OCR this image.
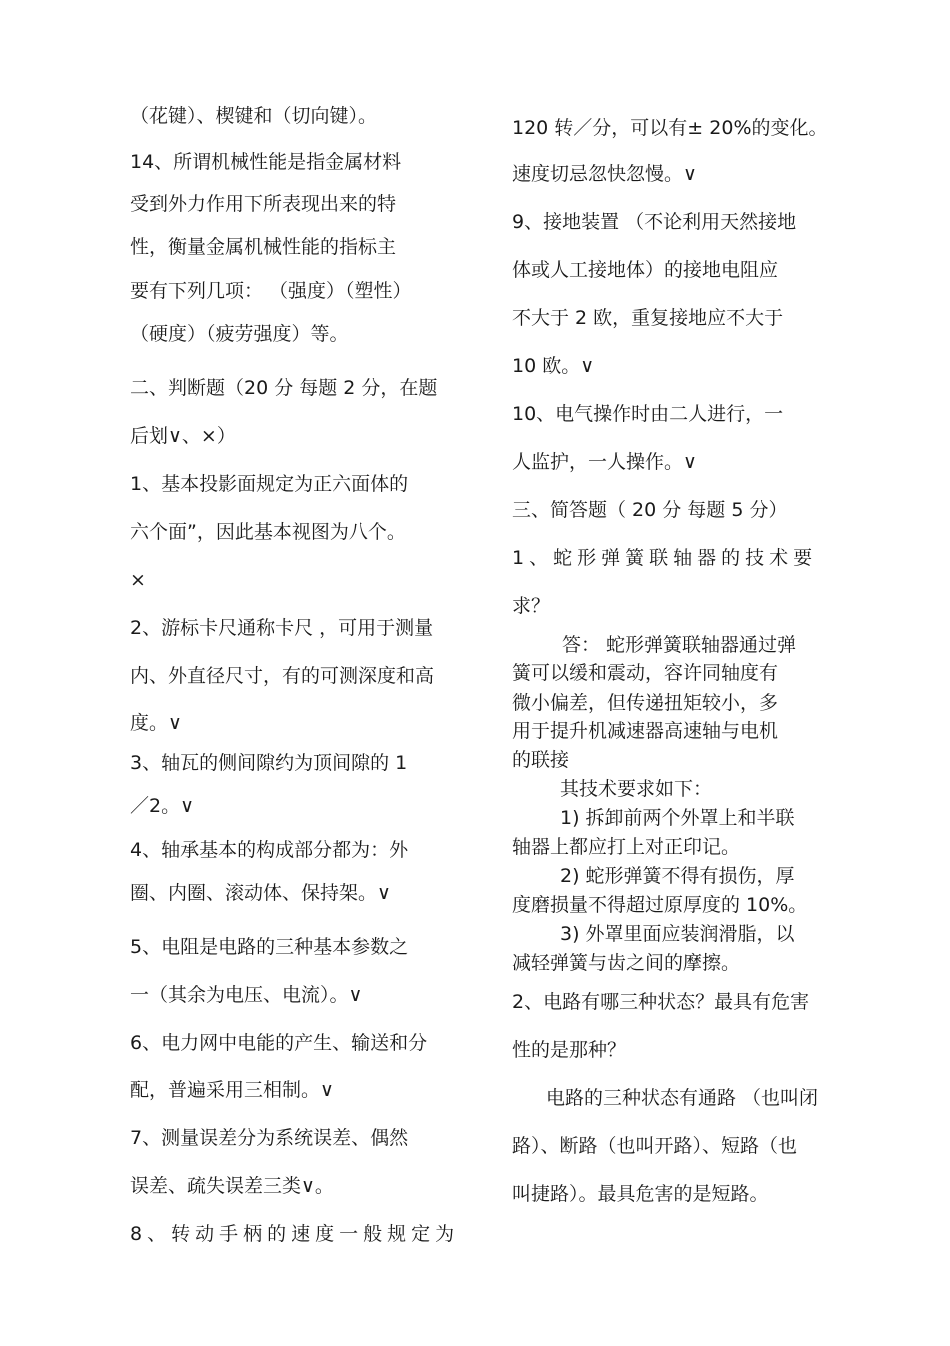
（花键）、楔键和（切向键）。
14、所谓机械性能是指金属材料
受到外力作用下所表现出来的特
性，衡量金属机械性能的指标主
要有下列几项： （强度）（塑性）
（硬度）（疲劳强度）等。
二、判断题（20 分 每题 2 分，在题
后划∨、×）
1、基本投影面规定为正六面体的
六个面”，因此基本视图为八个。
×
2、游标卡尺通称卡尺 ，可用于测量
内、外直径尺寸，有的可测深度和高
度。∨
3、轴瓦的侧间隙约为顶间隙的 1
／2。∨
4、轴承基本的构成部分都为：外
圈、内圈、滚动体、保持架。∨
5、电阻是电路的三种基本参数之
一（其余为电压、电流）。∨
6、电力网中电能的产生、输送和分
配，普遍采用三相制。∨
7、测量误差分为系统误差、偶然
误差、疏失误差三类∨。
8、转动手柄的速度一般规定为
120 转／分，可以有± 20%的变化。
速度切忌忽快忽慢。∨
9、接地装置 （不论利用天然接地
体或人工接地体）的接地电阻应
不大于 2 欧，重复接地应不大于
10 欧。∨
10、电气操作时由二人进行，一
人监护，一人操作。∨
三、简答题（ 20 分 每题 5 分）
1、蛇形弹簧联轴器的技术要
求？
答： 蛇形弹簧联轴器通过弹
簧可以缓和震动，容许同轴度有
微小偏差，但传递扭矩较小，多
用于提升机减速器高速轴与电机
的联接
其技术要求如下：
1) 拆卸前两个外罩上和半联
轴器上都应打上对正印记。
2) 蛇形弹簧不得有损伤，厚
度磨损量不得超过原厚度的 10%。
3) 外罩里面应装润滑脂，以
减轻弹簧与齿之间的摩擦。
2、电路有哪三种状态？最具有危害
性的是那种？
电路的三种状态有通路 （也叫闭
路）、断路（也叫开路）、短路（也
叫捷路）。最具危害的是短路。
